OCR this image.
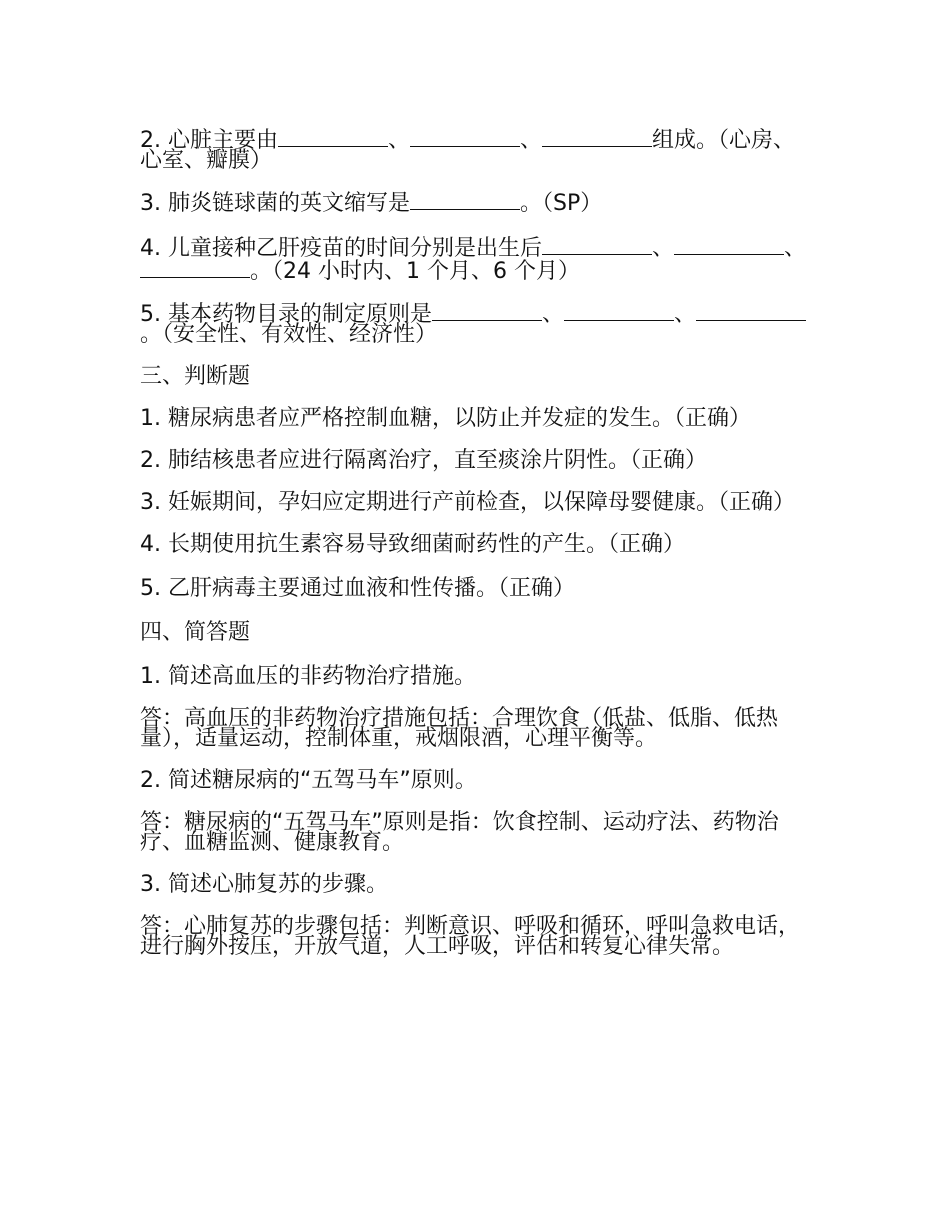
2. 心脏主要由	、	、	组成。（心房、心室、瓣膜）

3. 肺炎链球菌的英文缩写是	。（SP）

4. 儿童接种乙肝疫苗的时间分别是出生后	、	、。（24 小时内、1 个月、6 个月）

5. 基本药物目录的制定原则是	、	、。（安全性、有效性、经济性）

三、判断题

1. 糖尿病患者应严格控制血糖，以防止并发症的发生。（正确）

2. 肺结核患者应进行隔离治疗，直至痰涂片阴性。（正确）

3. 妊娠期间，孕妇应定期进行产前检查，以保障母婴健康。（正确）

4. 长期使用抗生素容易导致细菌耐药性的产生。（正确）

5. 乙肝病毒主要通过血液和性传播。（正确）

四、简答题

1. 简述高血压的非药物治疗措施。

答：高血压的非药物治疗措施包括：合理饮食（低盐、低脂、低热量），适量运动，控制体重，戒烟限酒，心理平衡等。

2. 简述糖尿病的“五驾马车”原则。

答：糖尿病的“五驾马车”原则是指：饮食控制、运动疗法、药物治疗、血糖监测、健康教育。

3. 简述心肺复苏的步骤。

答：心肺复苏的步骤包括：判断意识、呼吸和循环，呼叫急救电话，进行胸外按压，开放气道，人工呼吸，评估和转复心律失常。
